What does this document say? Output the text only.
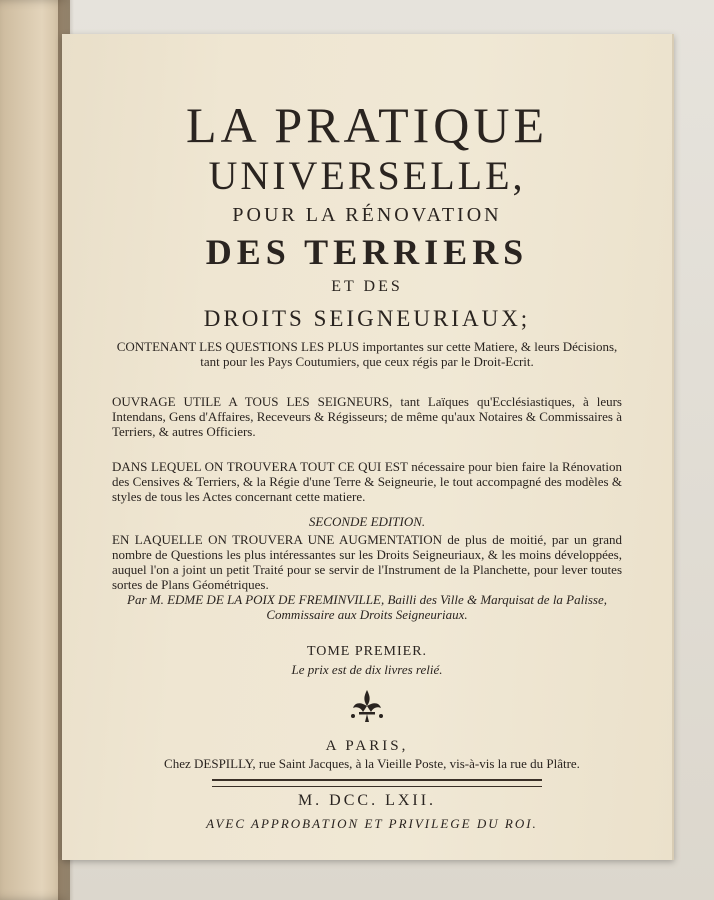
LA PRATIQUE
UNIVERSELLE,
POUR LA RÉNOVATION
DES TERRIERS
ET DES
DROITS SEIGNEURIAUX;
CONTENANT LES QUESTIONS LES PLUS importantes sur cette Matiere, & leurs Décisions, tant pour les Pays Coutumiers, que ceux régis par le Droit-Ecrit.
OUVRAGE UTILE A TOUS LES SEIGNEURS, tant Laïques qu'Ecclésiastiques, à leurs Intendans, Gens d'Affaires, Receveurs & Régisseurs; de même qu'aux Notaires & Commissaires à Terriers, & autres Officiers.
DANS LEQUEL ON TROUVERA TOUT CE QUI EST nécessaire pour bien faire la Rénovation des Censives & Terriers, & la Régie d'une Terre & Seigneurie, le tout accompagné des modèles & styles de tous les Actes concernant cette matiere.
SECONDE EDITION.
EN LAQUELLE ON TROUVERA UNE AUGMENTATION de plus de moitié, par un grand nombre de Questions les plus intéressantes sur les Droits Seigneuriaux, & les moins développées, auquel l'on a joint un petit Traité pour se servir de l'Instrument de la Planchette, pour lever toutes sortes de Plans Géométriques.
Par M. EDME DE LA POIX DE FREMINVILLE, Bailli des Ville & Marquisat de la Palisse, Commissaire aux Droits Seigneuriaux.
TOME PREMIER.
Le prix est de dix livres relié.
A PARIS,
Chez DESPILLY, rue Saint Jacques, à la Vieille Poste, vis-à-vis la rue du Plâtre.
M. DCC. LXII.
AVEC APPROBATION ET PRIVILEGE DU ROI.
